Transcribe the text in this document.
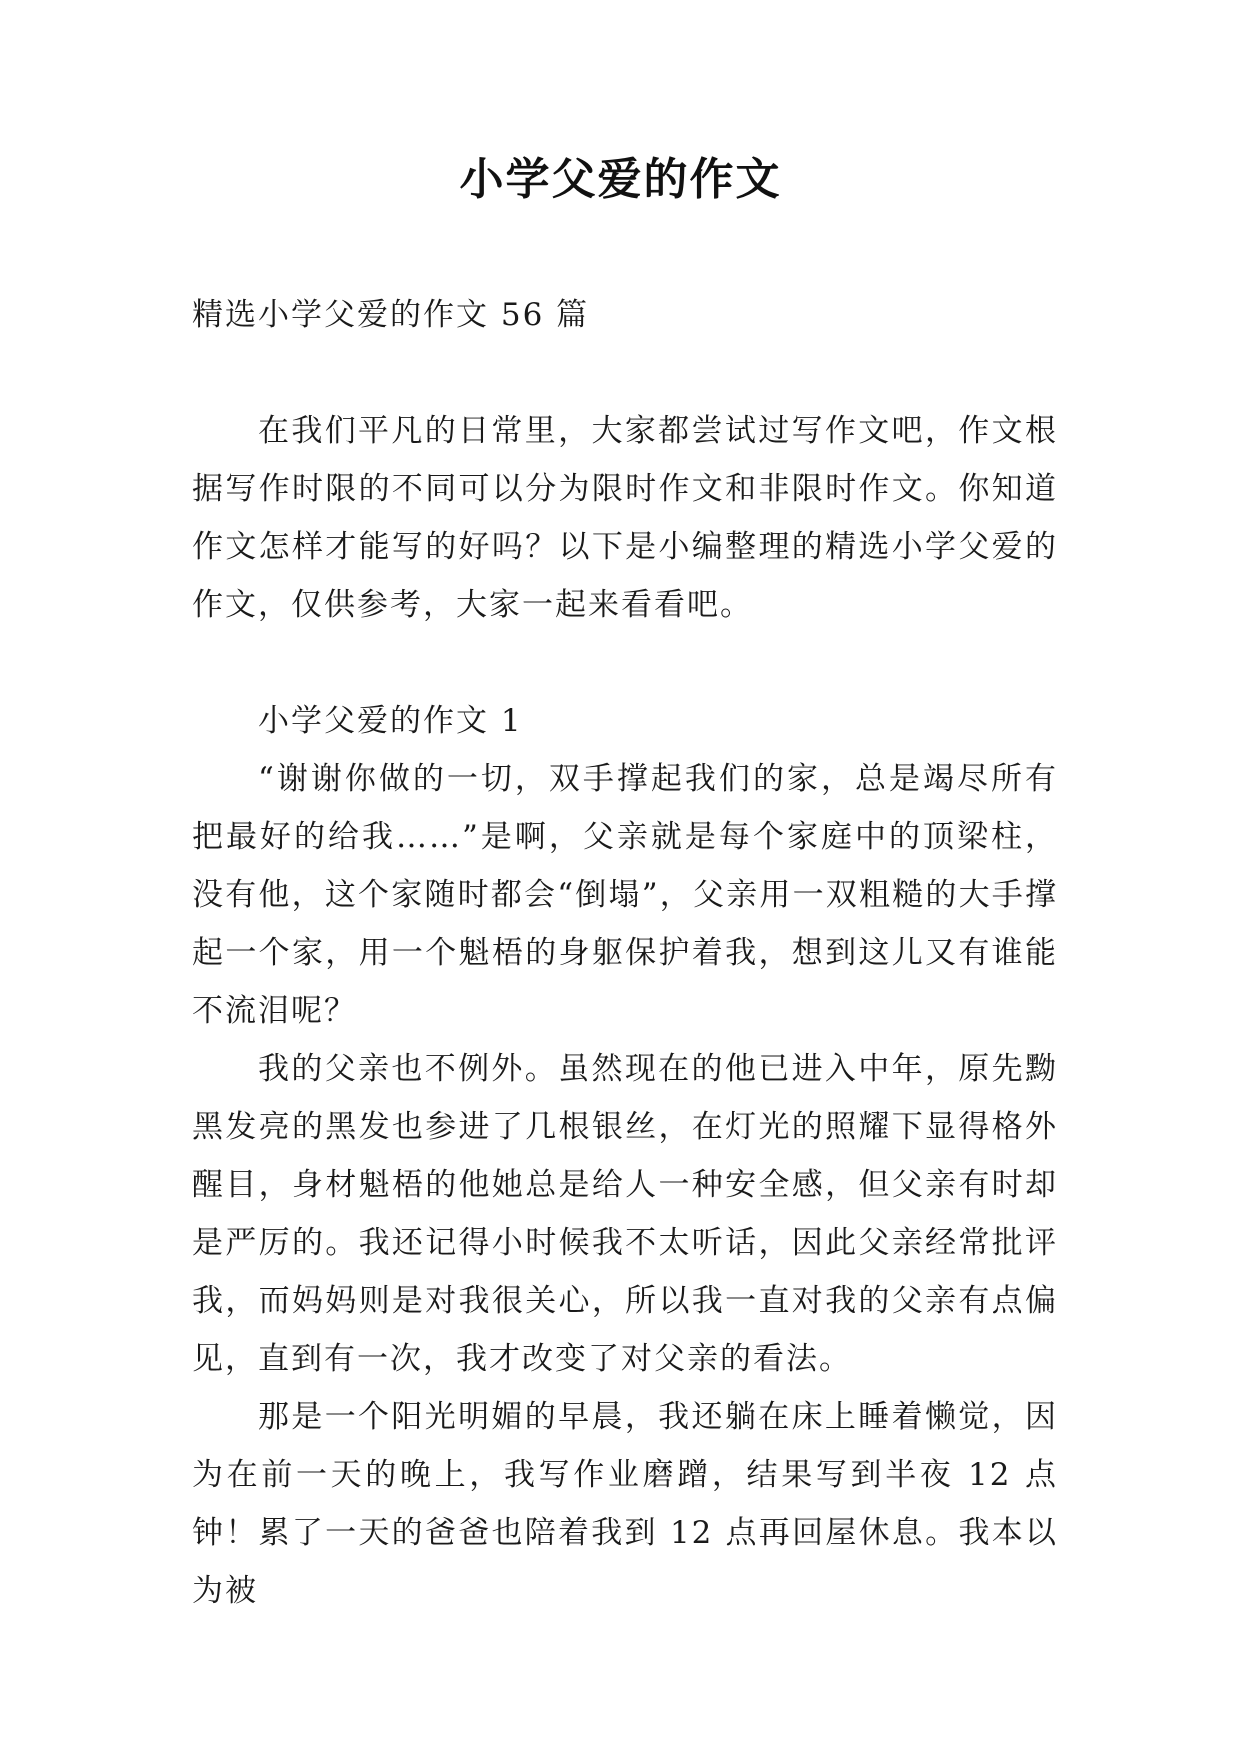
小学父爱的作文

精选小学父爱的作文 56 篇

在我们平凡的日常里，大家都尝试过写作文吧，作文根据写作时限的不同可以分为限时作文和非限时作文。你知道作文怎样才能写的好吗？以下是小编整理的精选小学父爱的作文，仅供参考，大家一起来看看吧。

小学父爱的作文 1

“谢谢你做的一切，双手撑起我们的家，总是竭尽所有把最好的给我……”是啊，父亲就是每个家庭中的顶梁柱，没有他，这个家随时都会“倒塌”，父亲用一双粗糙的大手撑起一个家，用一个魁梧的身躯保护着我，想到这儿又有谁能不流泪呢？

我的父亲也不例外。虽然现在的他已进入中年，原先黝黑发亮的黑发也参进了几根银丝，在灯光的照耀下显得格外醒目，身材魁梧的他她总是给人一种安全感，但父亲有时却是严厉的。我还记得小时候我不太听话，因此父亲经常批评我，而妈妈则是对我很关心，所以我一直对我的父亲有点偏见，直到有一次，我才改变了对父亲的看法。

那是一个阳光明媚的早晨，我还躺在床上睡着懒觉，因为在前一天的晚上，我写作业磨蹭，结果写到半夜 12 点钟！累了一天的爸爸也陪着我到 12 点再回屋休息。我本以为被
